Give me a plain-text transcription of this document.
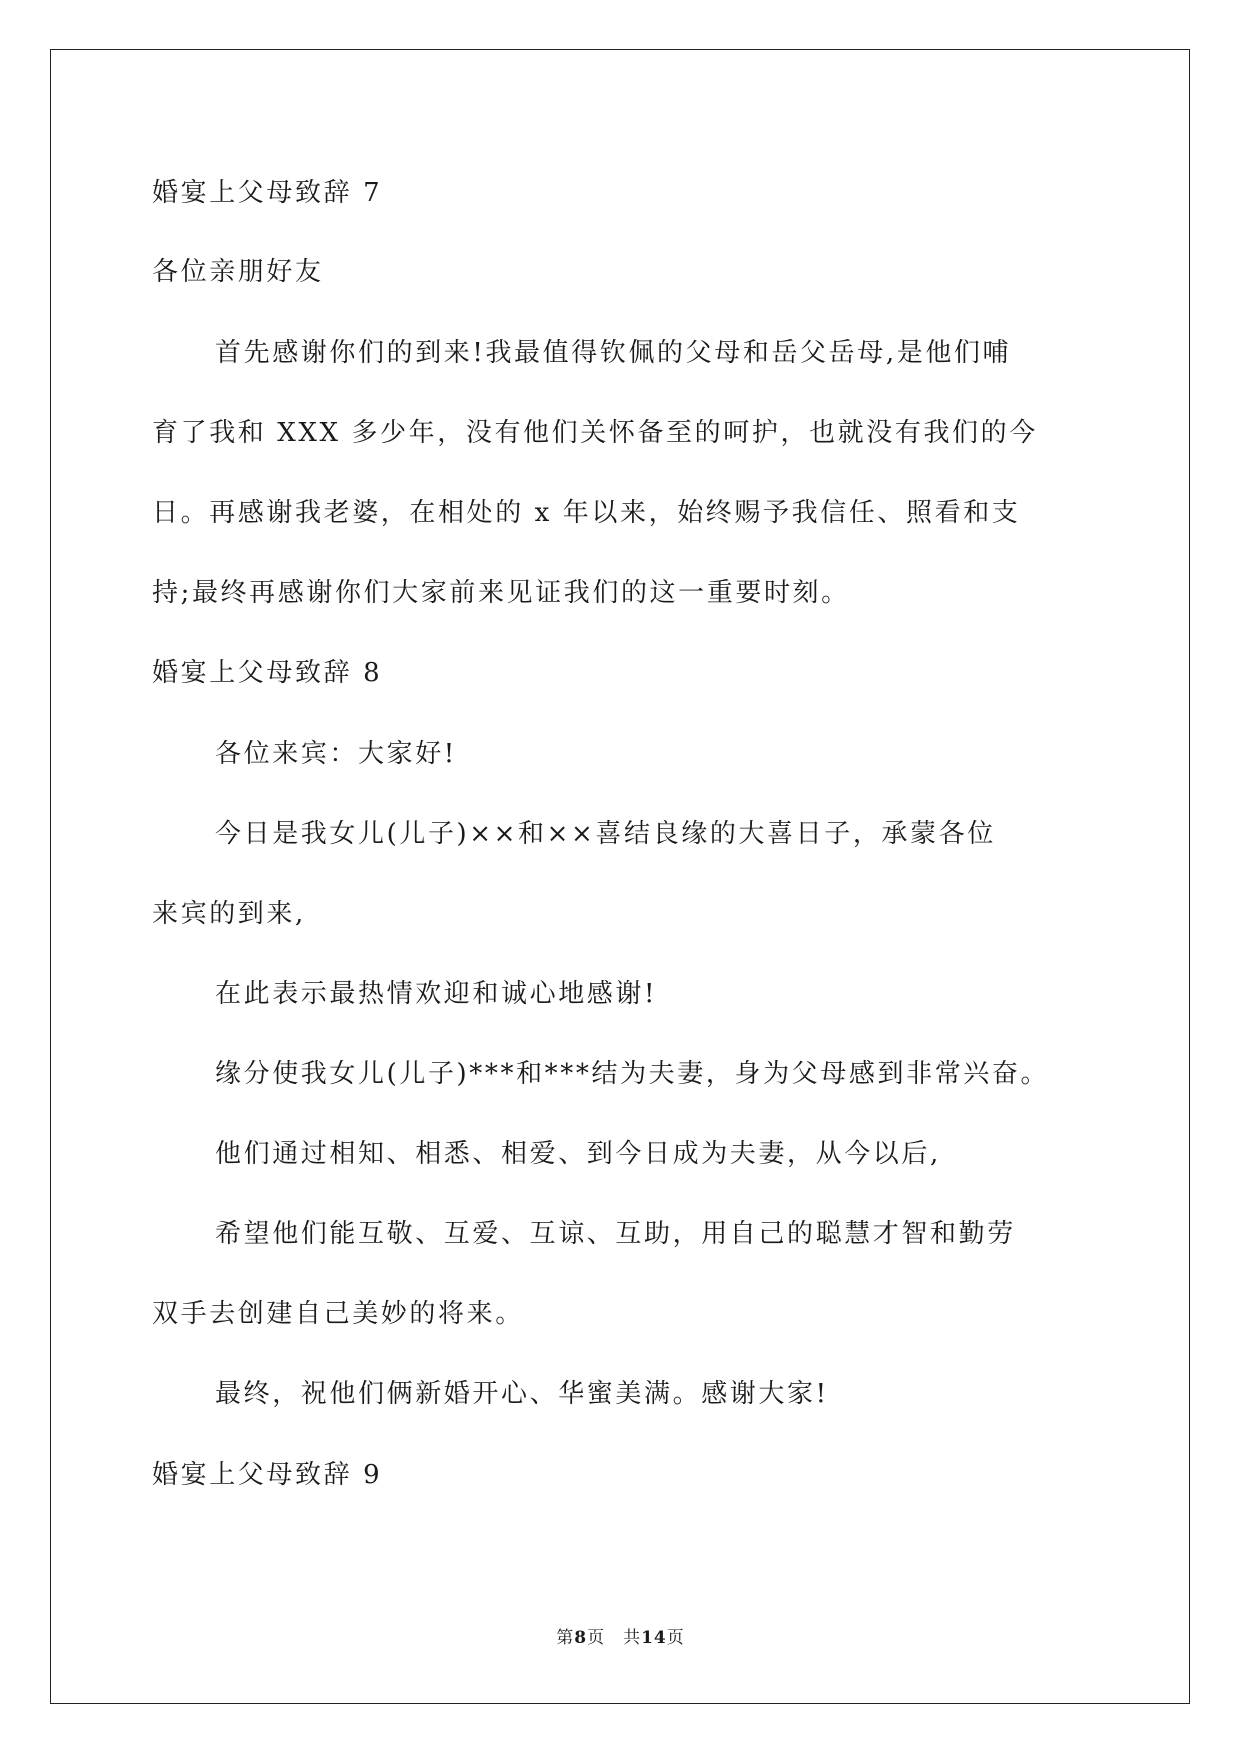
婚宴上父母致辞 7
各位亲朋好友
首先感谢你们的到来!我最值得钦佩的父母和岳父岳母,是他们哺
育了我和 XXX 多少年，没有他们关怀备至的呵护，也就没有我们的今
日。再感谢我老婆，在相处的 x 年以来，始终赐予我信任、照看和支
持;最终再感谢你们大家前来见证我们的这一重要时刻。
婚宴上父母致辞 8
各位来宾：大家好!
今日是我女儿(儿子)××和××喜结良缘的大喜日子，承蒙各位
来宾的到来,
在此表示最热情欢迎和诚心地感谢!
缘分使我女儿(儿子)***和***结为夫妻，身为父母感到非常兴奋。
他们通过相知、相悉、相爱、到今日成为夫妻，从今以后,
希望他们能互敬、互爱、互谅、互助，用自己的聪慧才智和勤劳
双手去创建自己美妙的将来。
最终，祝他们俩新婚开心、华蜜美满。感谢大家!
婚宴上父母致辞 9
第8页 共14页
